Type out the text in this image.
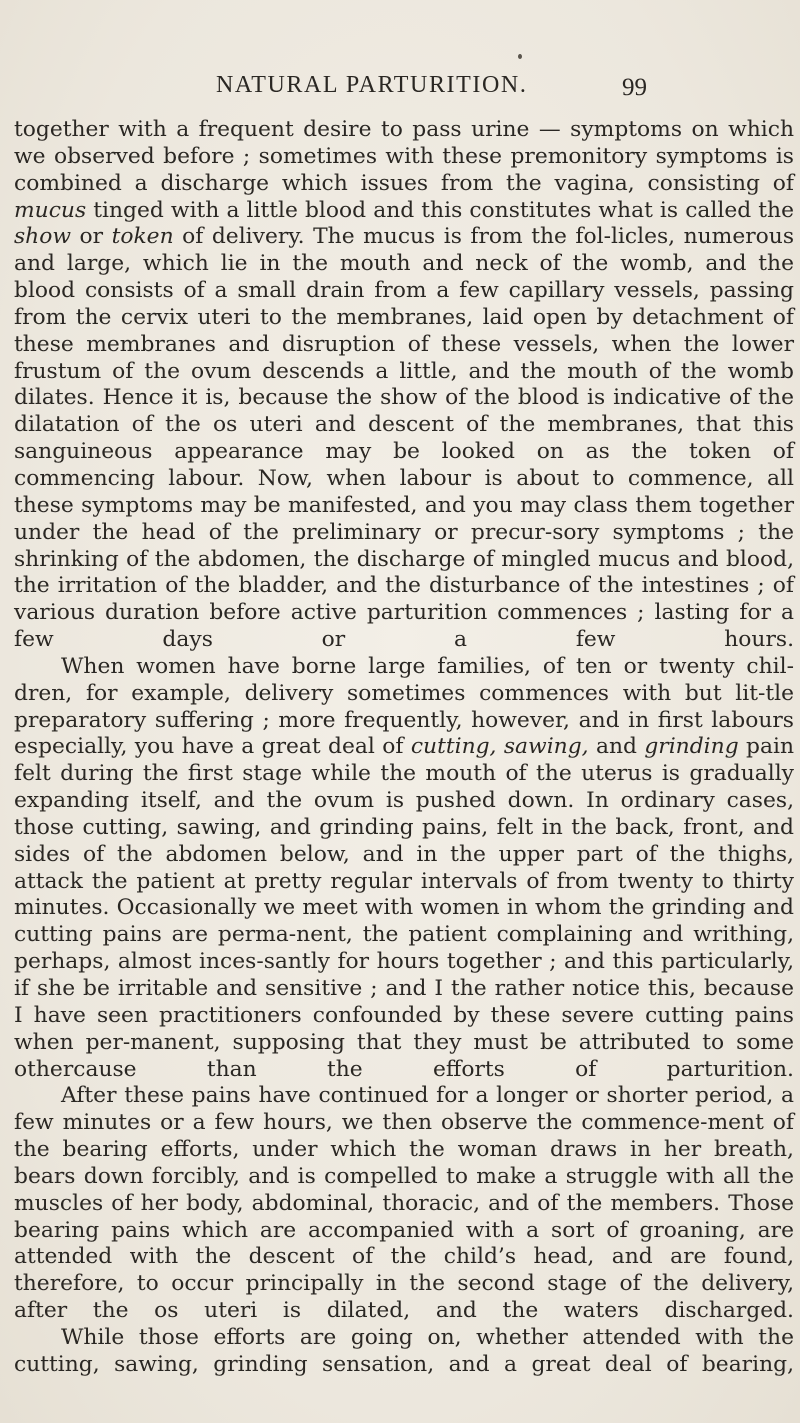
NATURAL PARTURITION.	99

together with a frequent desire to pass urine — symptoms on which we observed before ; sometimes with these premonitory symptoms is combined a discharge which issues from the vagina, consisting of mucus tinged with a little blood and this constitutes what is called the show or token of delivery. The mucus is from the fol-licles, numerous and large, which lie in the mouth and neck of the womb, and the blood consists of a small drain from a few capillary vessels, passing from the cervix uteri to the membranes, laid open by detachment of these membranes and disruption of these vessels, when the lower frustum of the ovum descends a little, and the mouth of the womb dilates. Hence it is, because the show of the blood is indicative of the dilatation of the os uteri and descent of the membranes, that this sanguineous appearance may be looked on as the token of commencing labour. Now, when labour is about to commence, all these symptoms may be manifested, and you may class them together under the head of the preliminary or precur-sory symptoms ; the shrinking of the abdomen, the discharge of mingled mucus and blood, the irritation of the bladder, and the disturbance of the intestines ; of various duration before active parturition commences ; lasting for a few days or a few hours.

When women have borne large families, of ten or twenty chil-dren, for example, delivery sometimes commences with but lit-tle preparatory suffering ; more frequently, however, and in first labours especially, you have a great deal of cutting, sawing, and grinding pain felt during the first stage while the mouth of the uterus is gradually expanding itself, and the ovum is pushed down. In ordinary cases, those cutting, sawing, and grinding pains, felt in the back, front, and sides of the abdomen below, and in the upper part of the thighs, attack the patient at pretty regular intervals of from twenty to thirty minutes. Occasionally we meet with women in whom the grinding and cutting pains are perma-nent, the patient complaining and writhing, perhaps, almost inces-santly for hours together ; and this particularly, if she be irritable and sensitive ; and I the rather notice this, because I have seen practitioners confounded by these severe cutting pains when per-manent, supposing that they must be attributed to some othercause than the efforts of parturition.

After these pains have continued for a longer or shorter period, a few minutes or a few hours, we then observe the commence-ment of the bearing efforts, under which the woman draws in her breath, bears down forcibly, and is compelled to make a struggle with all the muscles of her body, abdominal, thoracic, and of the members. Those bearing pains which are accompanied with a sort of groaning, are attended with the descent of the child’s head, and are found, therefore, to occur principally in the second stage of the delivery, after the os uteri is dilated, and the waters discharged.

While those efforts are going on, whether attended with the cutting, sawing, grinding sensation, and a great deal of bearing,
